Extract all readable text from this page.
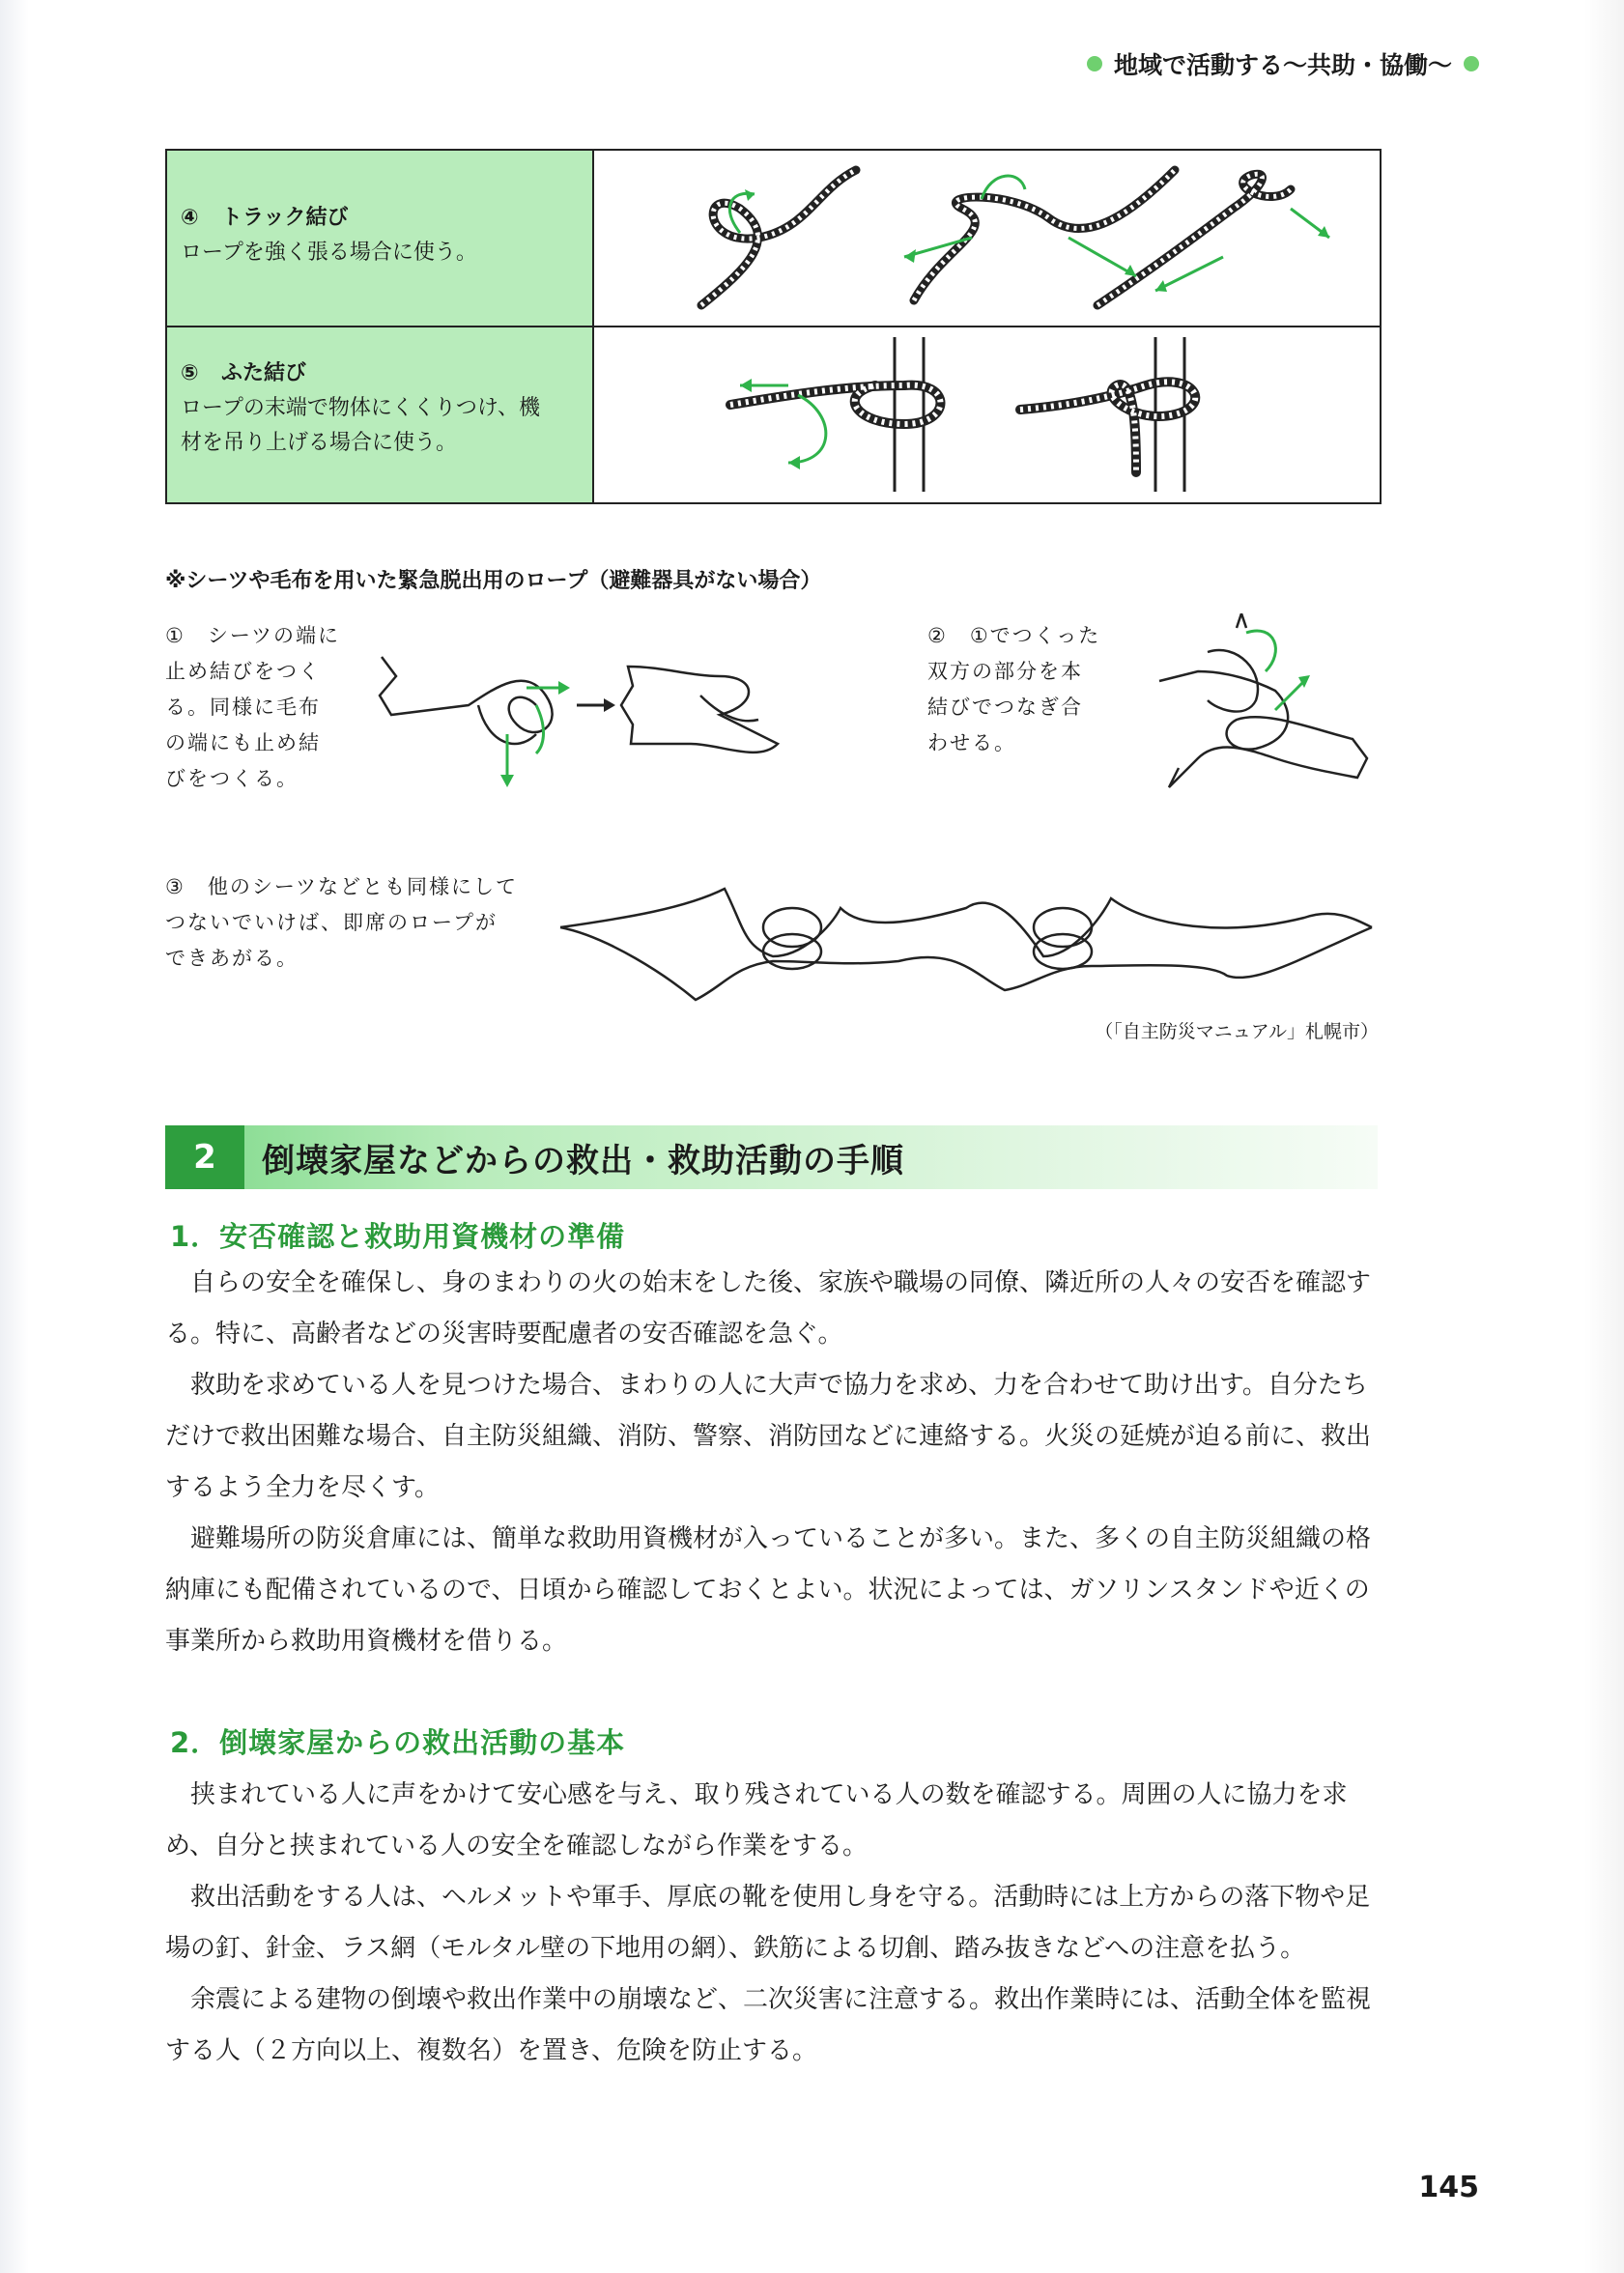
地域で活動する〜共助・協働〜
④ トラック結び
ロープを強く張る場合に使う。
⑤ ふた結び
ロープの末端で物体にくくりつけ、機
材を吊り上げる場合に使う。
※シーツや毛布を用いた緊急脱出用のロープ（避難器具がない場合）
①　シーツの端に
止め結びをつく
る。同様に毛布
の端にも止め結
びをつくる。
②　①でつくった
双方の部分を本
結びでつなぎ合
わせる。
③　他のシーツなどとも同様にして
つないでいけば、即席のロープが
できあがる。
（「自主防災マニュアル」札幌市）
2	倒壊家屋などからの救出・救助活動の手順
1．安否確認と救助用資機材の準備

自らの安全を確保し、身のまわりの火の始末をした後、家族や職場の同僚、隣近所の人々の安否を確認する。特に、高齢者などの災害時要配慮者の安否確認を急ぐ。

救助を求めている人を見つけた場合、まわりの人に大声で協力を求め、力を合わせて助け出す。自分たちだけで救出困難な場合、自主防災組織、消防、警察、消防団などに連絡する。火災の延焼が迫る前に、救出するよう全力を尽くす。

避難場所の防災倉庫には、簡単な救助用資機材が入っていることが多い。また、多くの自主防災組織の格納庫にも配備されているので、日頃から確認しておくとよい。状況によっては、ガソリンスタンドや近くの事業所から救助用資機材を借りる。

2．倒壊家屋からの救出活動の基本

挟まれている人に声をかけて安心感を与え、取り残されている人の数を確認する。周囲の人に協力を求め、自分と挟まれている人の安全を確認しながら作業をする。

救出活動をする人は、ヘルメットや軍手、厚底の靴を使用し身を守る。活動時には上方からの落下物や足場の釘、針金、ラス網（モルタル壁の下地用の網）、鉄筋による切創、踏み抜きなどへの注意を払う。

余震による建物の倒壊や救出作業中の崩壊など、二次災害に注意する。救出作業時には、活動全体を監視する人（２方向以上、複数名）を置き、危険を防止する。

145
